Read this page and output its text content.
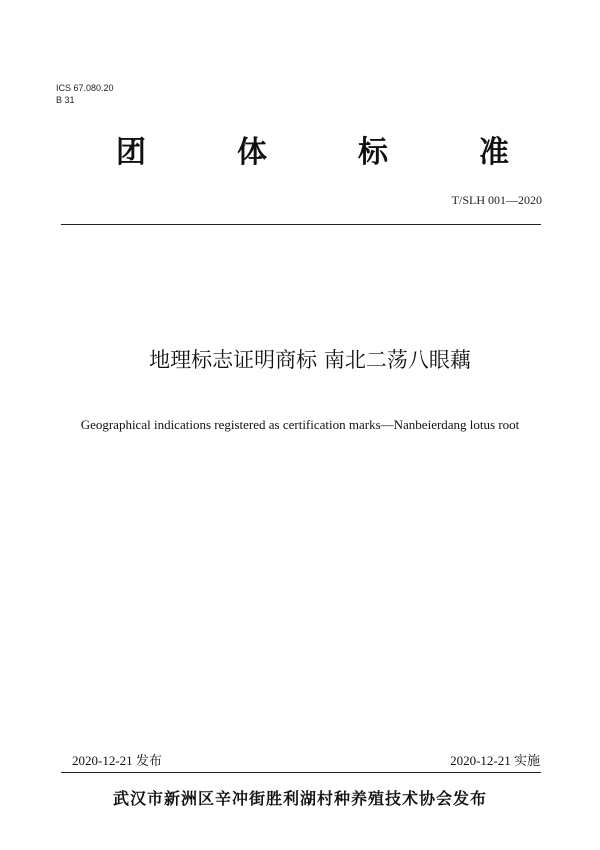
ICS 67.080.20
B 31
团	体	标	准
T/SLH 001—2020
地理标志证明商标 南北二荡八眼藕
Geographical indications registered as certification marks—Nanbeierdang lotus root
2020-12-21 发布	2020-12-21 实施
武汉市新洲区辛冲街胜利湖村种养殖技术协会发布
